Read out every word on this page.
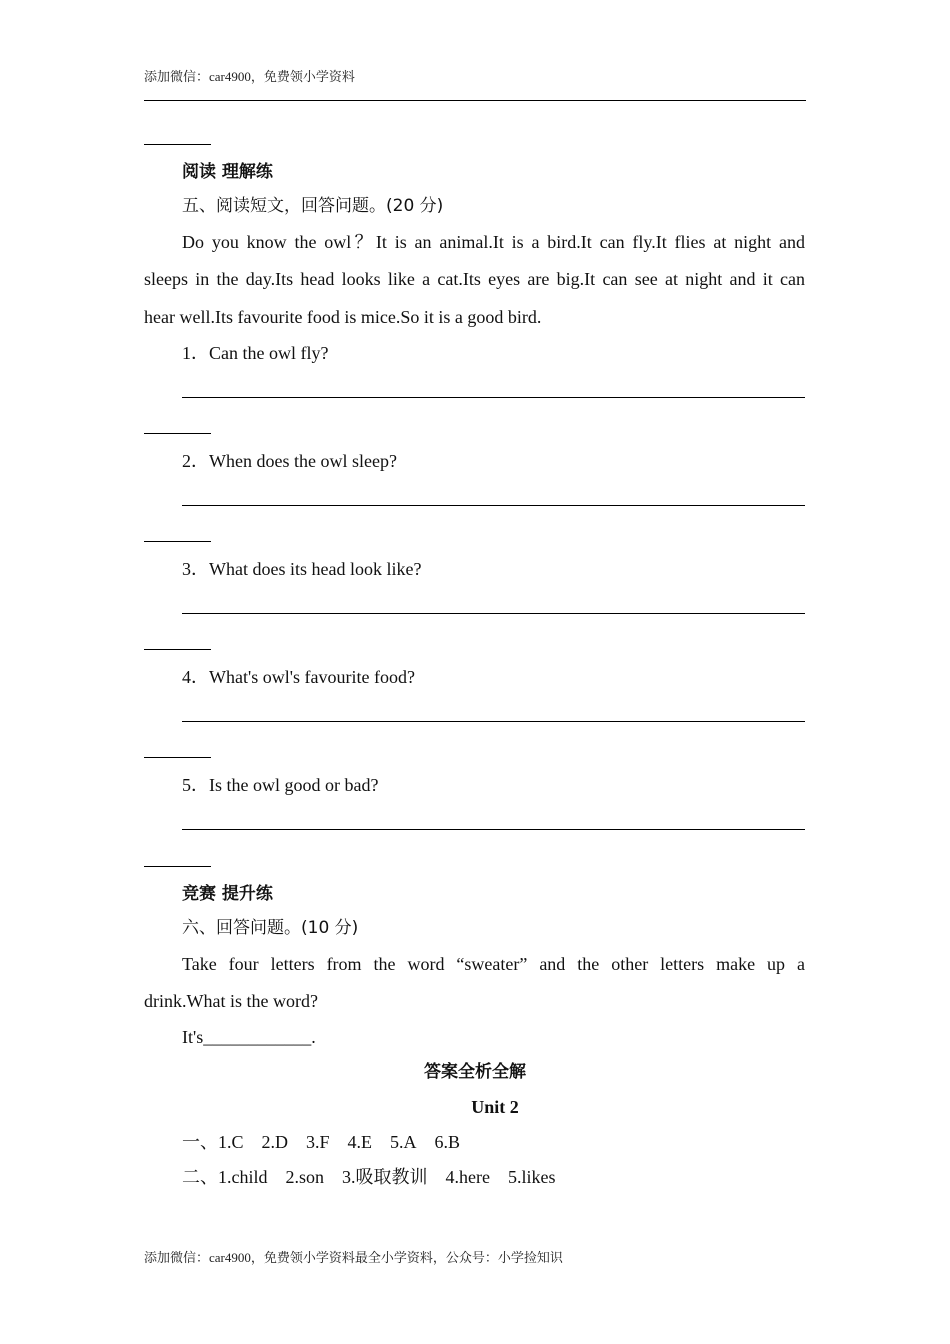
添加微信：car4900，免费领小学资料
阅读 理解练
五、阅读短文，回答问题。(20 分)
Do you know the owl？It is an animal.It is a bird.It can fly.It flies at night and
sleeps in the day.Its head looks like a cat.Its eyes are big.It can see at night and it can
hear well.Its favourite food is mice.So it is a good bird.
1．Can the owl fly?
2．When does the owl sleep?
3．What does its head look like?
4．What's owl's favourite food?
5．Is the owl good or bad?
竞赛 提升练
六、回答问题。(10 分)
Take four letters from the word “sweater” and the other letters make up a
drink.What is the word?
It's____________.
答案全析全解
Unit 2
一、1.C 2.D 3.F 4.E 5.A 6.B
二、1.child 2.son 3.吸取教训 4.here 5.likes
添加微信：car4900，免费领小学资料最全小学资料，公众号：小学捡知识
